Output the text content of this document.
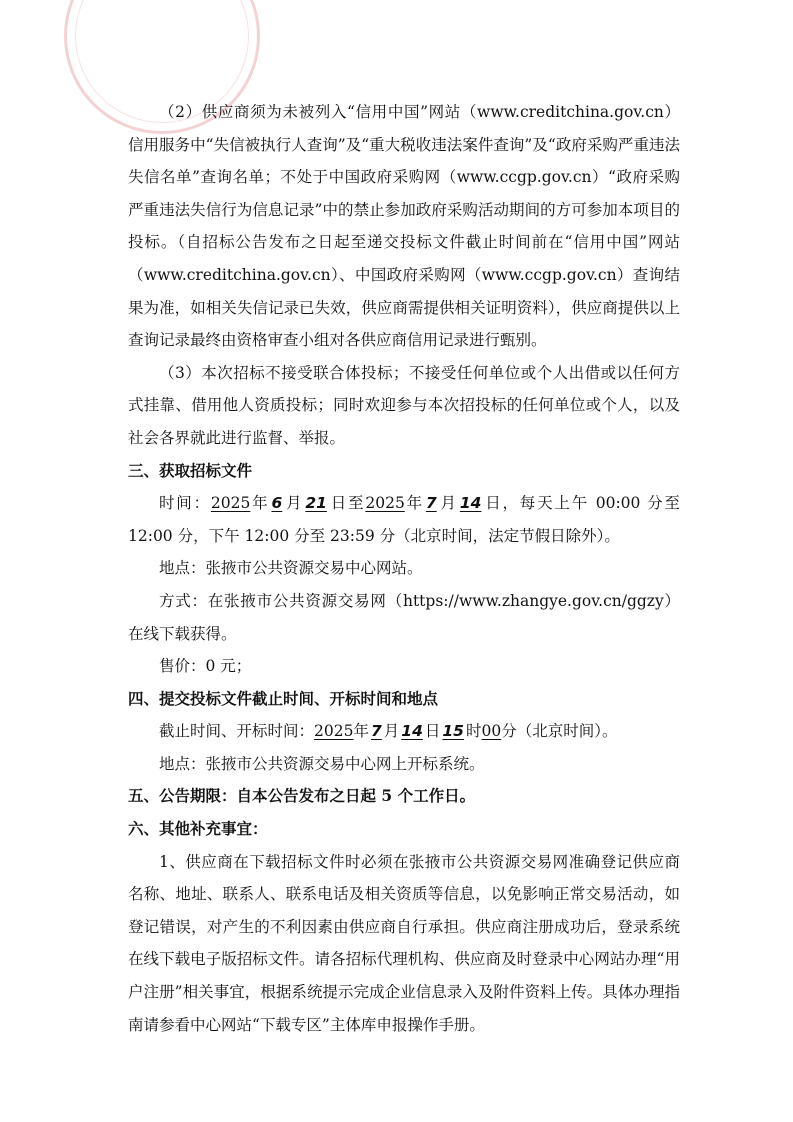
（2）供应商须为未被列入“信用中国”网站（www.creditchina.gov.cn）信用服务中“失信被执行人查询”及“重大税收违法案件查询”及“政府采购严重违法失信名单”查询名单；不处于中国政府采购网（www.ccgp.gov.cn）“政府采购严重违法失信行为信息记录”中的禁止参加政府采购活动期间的方可参加本项目的投标。（自招标公告发布之日起至递交投标文件截止时间前在“信用中国”网站（www.creditchina.gov.cn）、中国政府采购网（www.ccgp.gov.cn）查询结果为准，如相关失信记录已失效，供应商需提供相关证明资料），供应商提供以上查询记录最终由资格审查小组对各供应商信用记录进行甄别。

（3）本次招标不接受联合体投标；不接受任何单位或个人出借或以任何方式挂靠、借用他人资质投标；同时欢迎参与本次招投标的任何单位或个人，以及社会各界就此进行监督、举报。

三、获取招标文件

时间：2025年 6 月 21 日至2025年 7 月 14 日，每天上午 00:00 分至 12:00 分，下午 12:00 分至 23:59 分（北京时间，法定节假日除外）。

地点：张掖市公共资源交易中心网站。

方式：在张掖市公共资源交易网（https://www.zhangye.gov.cn/ggzy）在线下载获得。

售价：0 元；

四、提交投标文件截止时间、开标时间和地点

截止时间、开标时间：2025年 7 月 14 日 15 时00分（北京时间）。

地点：张掖市公共资源交易中心网上开标系统。

五、公告期限：自本公告发布之日起 5 个工作日。

六、其他补充事宜：

1、供应商在下载招标文件时必须在张掖市公共资源交易网准确登记供应商名称、地址、联系人、联系电话及相关资质等信息，以免影响正常交易活动，如登记错误，对产生的不利因素由供应商自行承担。供应商注册成功后，登录系统在线下载电子版招标文件。请各招标代理机构、供应商及时登录中心网站办理“用户注册”相关事宜，根据系统提示完成企业信息录入及附件资料上传。具体办理指南请参看中心网站“下载专区”主体库申报操作手册。
